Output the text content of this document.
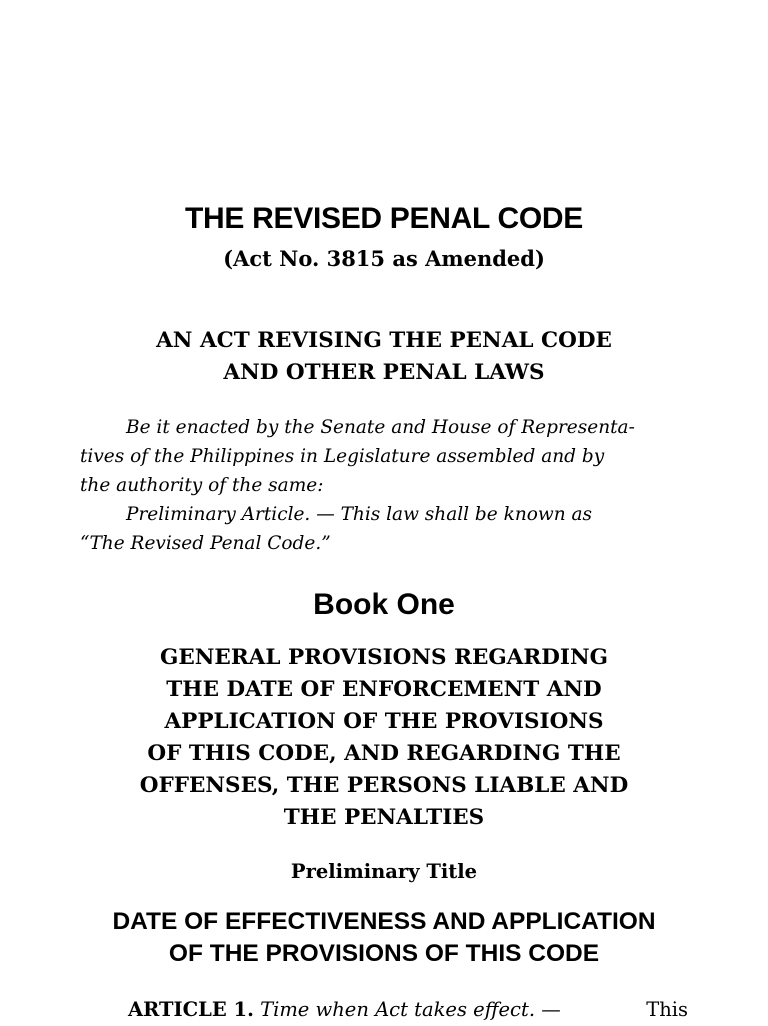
THE REVISED PENAL CODE
(Act No. 3815 as Amended)
AN ACT REVISING THE PENAL CODE
AND OTHER PENAL LAWS
Be it enacted by the Senate and House of Representa-
tives of the Philippines in Legislature assembled and by
the authority of the same:
Preliminary Article. — This law shall be known as
“The Revised Penal Code.”
Book One
GENERAL PROVISIONS REGARDING
THE DATE OF ENFORCEMENT AND
APPLICATION OF THE PROVISIONS
OF THIS CODE, AND REGARDING THE
OFFENSES, THE PERSONS LIABLE AND
THE PENALTIES
Preliminary Title
DATE OF EFFECTIVENESS AND APPLICATION
OF THE PROVISIONS OF THIS CODE
ARTICLE 1. Time when Act takes effect. —	This
